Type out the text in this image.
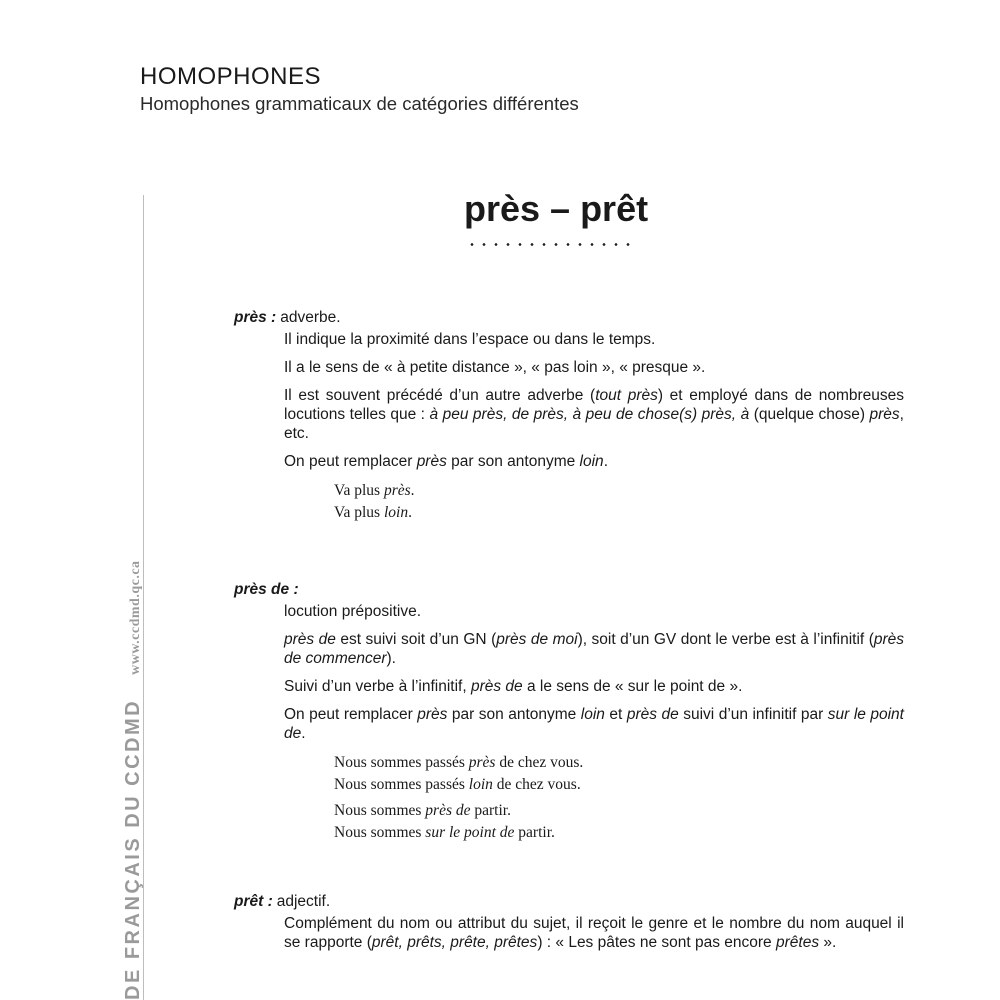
HOMOPHONES
Homophones grammaticaux de catégories différentes
DE FRANÇAIS DU CCDMD
www.ccdmd.qc.ca
près – prêt
près : adverbe.

Il indique la proximité dans l’espace ou dans le temps.

Il a le sens de « à petite distance », « pas loin », « presque ».

Il est souvent précédé d’un autre adverbe (tout près) et employé dans de nombreuses locutions telles que : à peu près, de près, à peu de chose(s) près, à (quelque chose) près, etc.

On peut remplacer près par son antonyme loin.

Va plus près.
Va plus loin.
près de :

locution prépositive.

près de est suivi soit d’un GN (près de moi), soit d’un GV dont le verbe est à l’infinitif (près de commencer).

Suivi d’un verbe à l’infinitif, près de a le sens de « sur le point de ».

On peut remplacer près par son antonyme loin et près de suivi d’un infinitif par sur le point de.

Nous sommes passés près de chez vous.
Nous sommes passés loin de chez vous.
Nous sommes près de partir.
Nous sommes sur le point de partir.
prêt : adjectif.

Complément du nom ou attribut du sujet, il reçoit le genre et le nombre du nom auquel il se rapporte (prêt, prêts, prête, prêtes) : « Les pâtes ne sont pas encore prêtes ».
